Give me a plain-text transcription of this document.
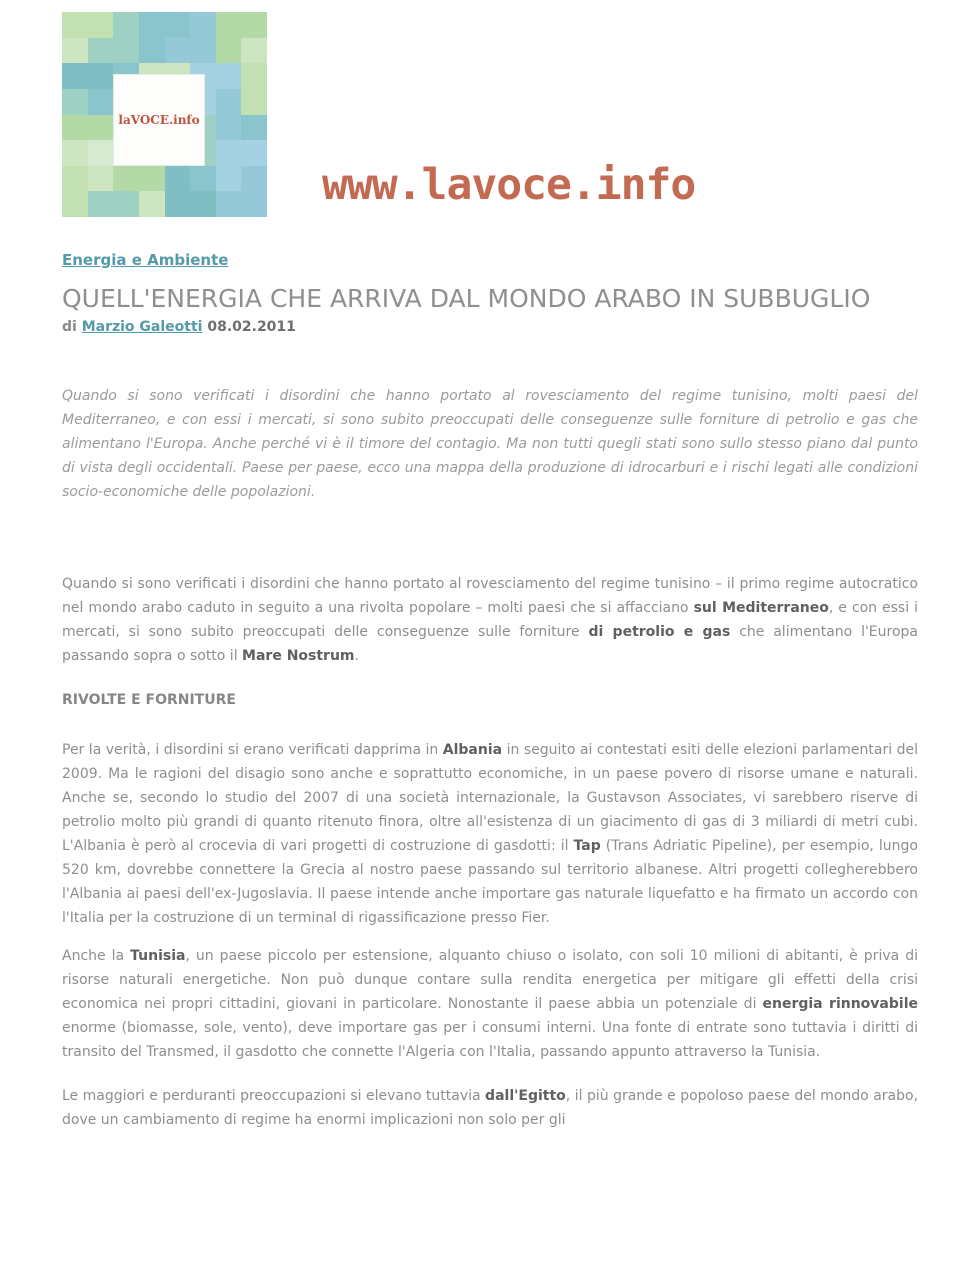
laVOCE.info
www.lavoce.info
Energia e Ambiente
QUELL'ENERGIA CHE ARRIVA DAL MONDO ARABO IN SUBBUGLIO
di Marzio Galeotti 08.02.2011

Quando si sono verificati i disordini che hanno portato al rovesciamento del regime tunisino, molti paesi del Mediterraneo, e con essi i mercati, si sono subito preoccupati delle conseguenze sulle forniture di petrolio e gas che alimentano l'Europa. Anche perché vi è il timore del contagio. Ma non tutti quegli stati sono sullo stesso piano dal punto di vista degli occidentali. Paese per paese, ecco una mappa della produzione di idrocarburi e i rischi legati alle condizioni socio-economiche delle popolazioni.

Quando si sono verificati i disordini che hanno portato al rovesciamento del regime tunisino – il primo regime autocratico nel mondo arabo caduto in seguito a una rivolta popolare – molti paesi che si affacciano sul Mediterraneo, e con essi i mercati, si sono subito preoccupati delle conseguenze sulle forniture di petrolio e gas che alimentano l'Europa passando sopra o sotto il Mare Nostrum.

RIVOLTE E FORNITURE

Per la verità, i disordini si erano verificati dapprima in Albania in seguito ai contestati esiti delle elezioni parlamentari del 2009. Ma le ragioni del disagio sono anche e soprattutto economiche, in un paese povero di risorse umane e naturali. Anche se, secondo lo studio del 2007 di una società internazionale, la Gustavson Associates, vi sarebbero riserve di petrolio molto più grandi di quanto ritenuto finora, oltre all'esistenza di un giacimento di gas di 3 miliardi di metri cubi. L'Albania è però al crocevia di vari progetti di costruzione di gasdotti: il Tap (Trans Adriatic Pipeline), per esempio, lungo 520 km, dovrebbe connettere la Grecia al nostro paese passando sul territorio albanese. Altri progetti collegherebbero l'Albania ai paesi dell'ex-Jugoslavia. Il paese intende anche importare gas naturale liquefatto e ha firmato un accordo con l'Italia per la costruzione di un terminal di rigassificazione presso Fier.

Anche la Tunisia, un paese piccolo per estensione, alquanto chiuso o isolato, con soli 10 milioni di abitanti, è priva di risorse naturali energetiche. Non può dunque contare sulla rendita energetica per mitigare gli effetti della crisi economica nei propri cittadini, giovani in particolare. Nonostante il paese abbia un potenziale di energia rinnovabile enorme (biomasse, sole, vento), deve importare gas per i consumi interni. Una fonte di entrate sono tuttavia i diritti di transito del Transmed, il gasdotto che connette l'Algeria con l'Italia, passando appunto attraverso la Tunisia.

Le maggiori e perduranti preoccupazioni si elevano tuttavia dall'Egitto, il più grande e popoloso paese del mondo arabo, dove un cambiamento di regime ha enormi implicazioni non solo per gli
